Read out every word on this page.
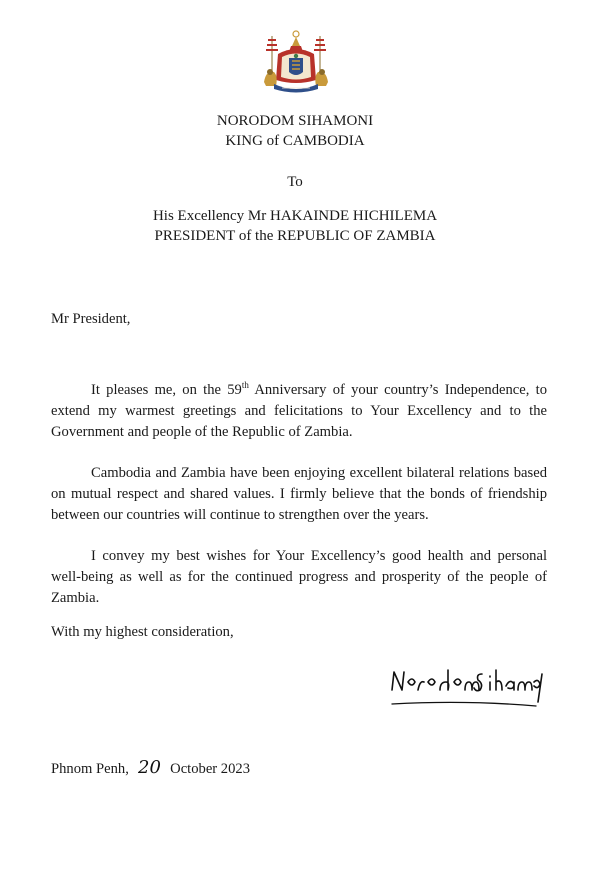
NORODOM SIHAMONI
KING of CAMBODIA
To
His Excellency Mr HAKAINDE HICHILEMA
PRESIDENT of the REPUBLIC OF ZAMBIA
Mr President,

It pleases me, on the 59th Anniversary of your country’s Independence, to extend my warmest greetings and felicitations to Your Excellency and to the Government and people of the Republic of Zambia.

Cambodia and Zambia have been enjoying excellent bilateral relations based on mutual respect and shared values. I firmly believe that the bonds of friendship between our countries will continue to strengthen over the years.

I convey my best wishes for Your Excellency’s good health and personal well-being as well as for the continued progress and prosperity of the people of Zambia.

With my highest consideration,
Phnom Penh, 20 October 2023
